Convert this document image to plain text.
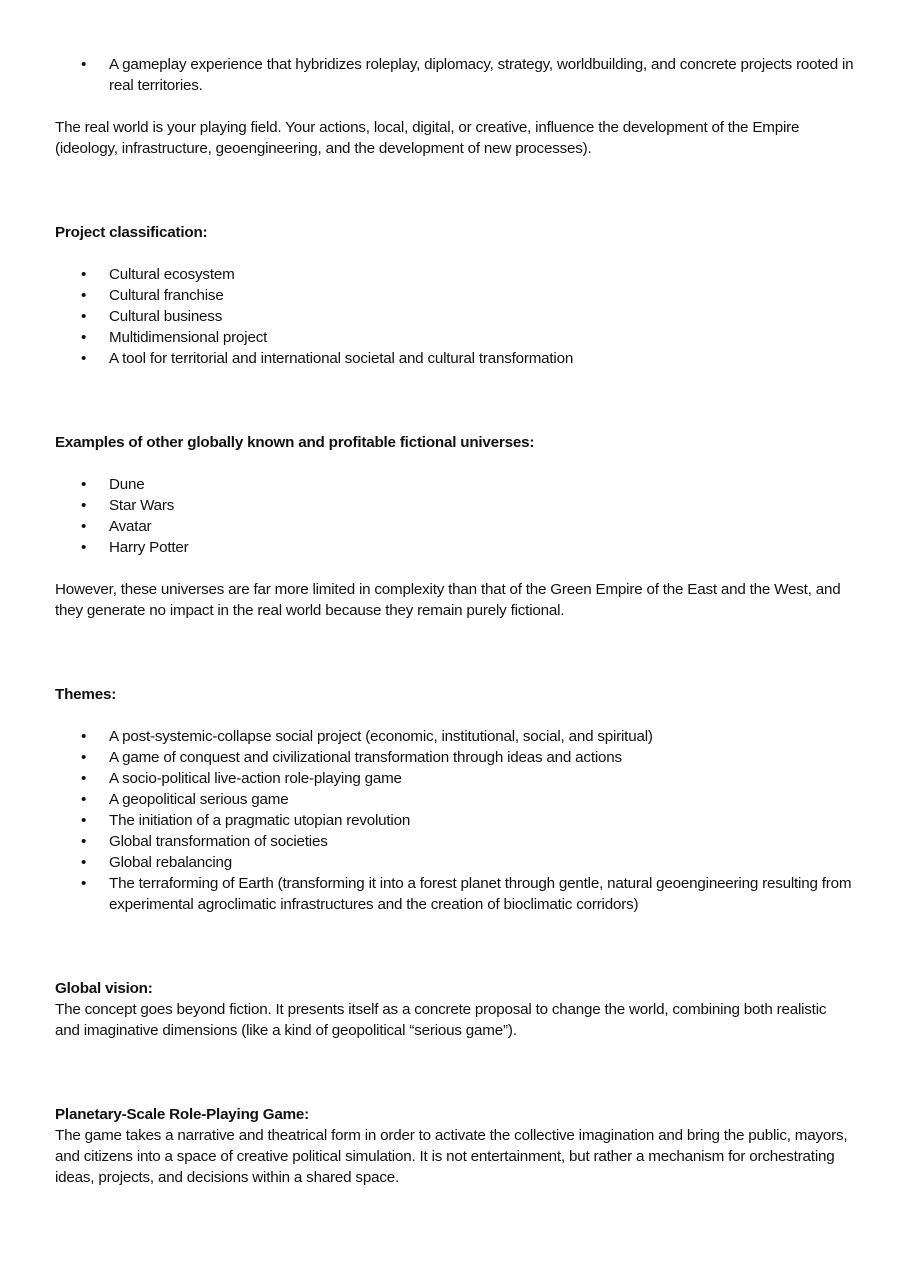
• A gameplay experience that hybridizes roleplay, diplomacy, strategy, worldbuilding, and concrete projects rooted in real territories.

The real world is your playing field. Your actions, local, digital, or creative, influence the development of the Empire (ideology, infrastructure, geoengineering, and the development of new processes).

Project classification:
• Cultural ecosystem
• Cultural franchise
• Cultural business
• Multidimensional project
• A tool for territorial and international societal and cultural transformation
Examples of other globally known and profitable fictional universes:
• Dune
• Star Wars
• Avatar
• Harry Potter

However, these universes are far more limited in complexity than that of the Green Empire of the East and the West, and they generate no impact in the real world because they remain purely fictional.

Themes:
• A post-systemic-collapse social project (economic, institutional, social, and spiritual)
• A game of conquest and civilizational transformation through ideas and actions
• A socio-political live-action role-playing game
• A geopolitical serious game
• The initiation of a pragmatic utopian revolution
• Global transformation of societies
• Global rebalancing
• The terraforming of Earth (transforming it into a forest planet through gentle, natural geoengineering resulting from experimental agroclimatic infrastructures and the creation of bioclimatic corridors)
Global vision:

The concept goes beyond fiction. It presents itself as a concrete proposal to change the world, combining both realistic and imaginative dimensions (like a kind of geopolitical “serious game”).

Planetary-Scale Role-Playing Game:

The game takes a narrative and theatrical form in order to activate the collective imagination and bring the public, mayors, and citizens into a space of creative political simulation. It is not entertainment, but rather a mechanism for orchestrating ideas, projects, and decisions within a shared space.
